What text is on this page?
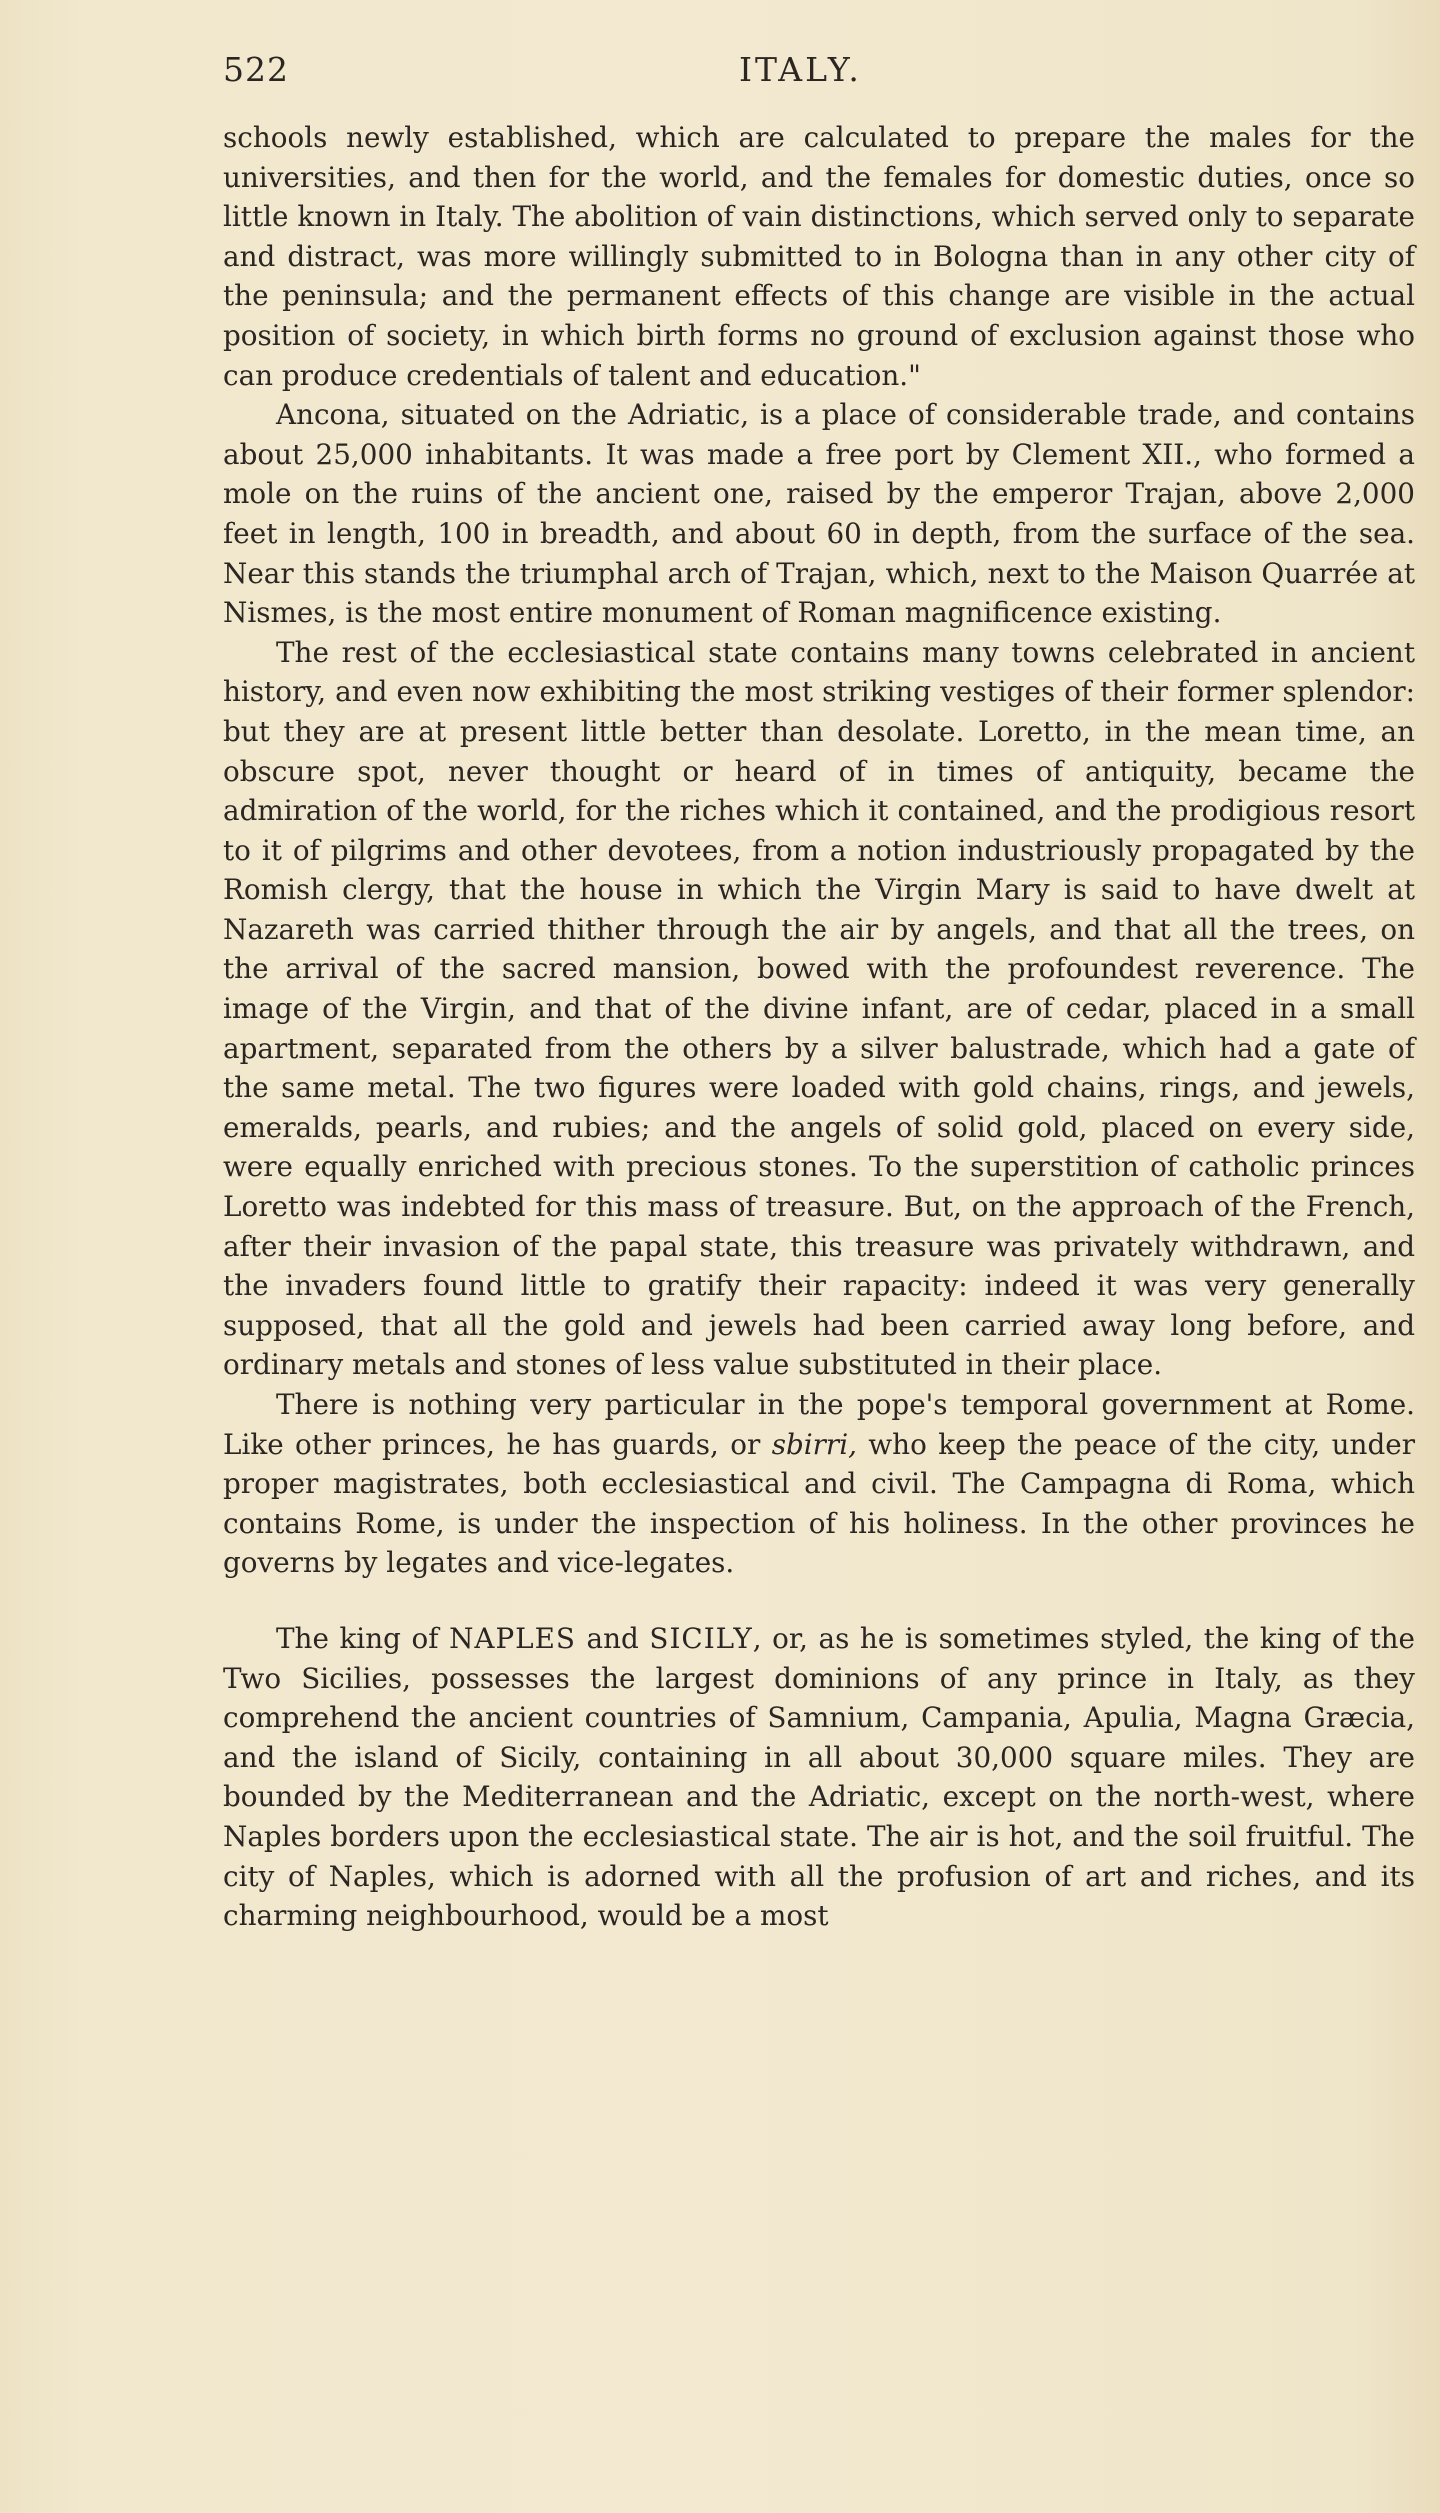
522	ITALY.

schools newly established, which are calculated to prepare the males for the universities, and then for the world, and the females for domestic duties, once so little known in Italy. The abolition of vain distinctions, which served only to separate and distract, was more willingly submitted to in Bologna than in any other city of the peninsula; and the permanent effects of this change are visible in the actual position of society, in which birth forms no ground of exclusion against those who can produce credentials of talent and education."

Ancona, situated on the Adriatic, is a place of considerable trade, and contains about 25,000 inhabitants. It was made a free port by Clement XII., who formed a mole on the ruins of the ancient one, raised by the emperor Trajan, above 2,000 feet in length, 100 in breadth, and about 60 in depth, from the surface of the sea. Near this stands the triumphal arch of Trajan, which, next to the Maison Quarrée at Nismes, is the most entire monument of Roman magnificence existing.

The rest of the ecclesiastical state contains many towns celebrated in ancient history, and even now exhibiting the most striking vestiges of their former splendor: but they are at present little better than desolate. Loretto, in the mean time, an obscure spot, never thought or heard of in times of antiquity, became the admiration of the world, for the riches which it contained, and the prodigious resort to it of pilgrims and other devotees, from a notion industriously propagated by the Romish clergy, that the house in which the Virgin Mary is said to have dwelt at Nazareth was carried thither through the air by angels, and that all the trees, on the arrival of the sacred mansion, bowed with the profoundest reverence. The image of the Virgin, and that of the divine infant, are of cedar, placed in a small apartment, separated from the others by a silver balustrade, which had a gate of the same metal. The two figures were loaded with gold chains, rings, and jewels, emeralds, pearls, and rubies; and the angels of solid gold, placed on every side, were equally enriched with precious stones. To the superstition of catholic princes Loretto was indebted for this mass of treasure. But, on the approach of the French, after their invasion of the papal state, this treasure was privately withdrawn, and the invaders found little to gratify their rapacity: indeed it was very generally supposed, that all the gold and jewels had been carried away long before, and ordinary metals and stones of less value substituted in their place.

There is nothing very particular in the pope's temporal government at Rome. Like other princes, he has guards, or sbirri, who keep the peace of the city, under proper magistrates, both ecclesiastical and civil. The Campagna di Roma, which contains Rome, is under the inspection of his holiness. In the other provinces he governs by legates and vice-legates.

The king of NAPLES and SICILY, or, as he is sometimes styled, the king of the Two Sicilies, possesses the largest dominions of any prince in Italy, as they comprehend the ancient countries of Samnium, Campania, Apulia, Magna Græcia, and the island of Sicily, containing in all about 30,000 square miles. They are bounded by the Mediterranean and the Adriatic, except on the north-west, where Naples borders upon the ecclesiastical state. The air is hot, and the soil fruitful. The city of Naples, which is adorned with all the profusion of art and riches, and its charming neighbourhood, would be a most
